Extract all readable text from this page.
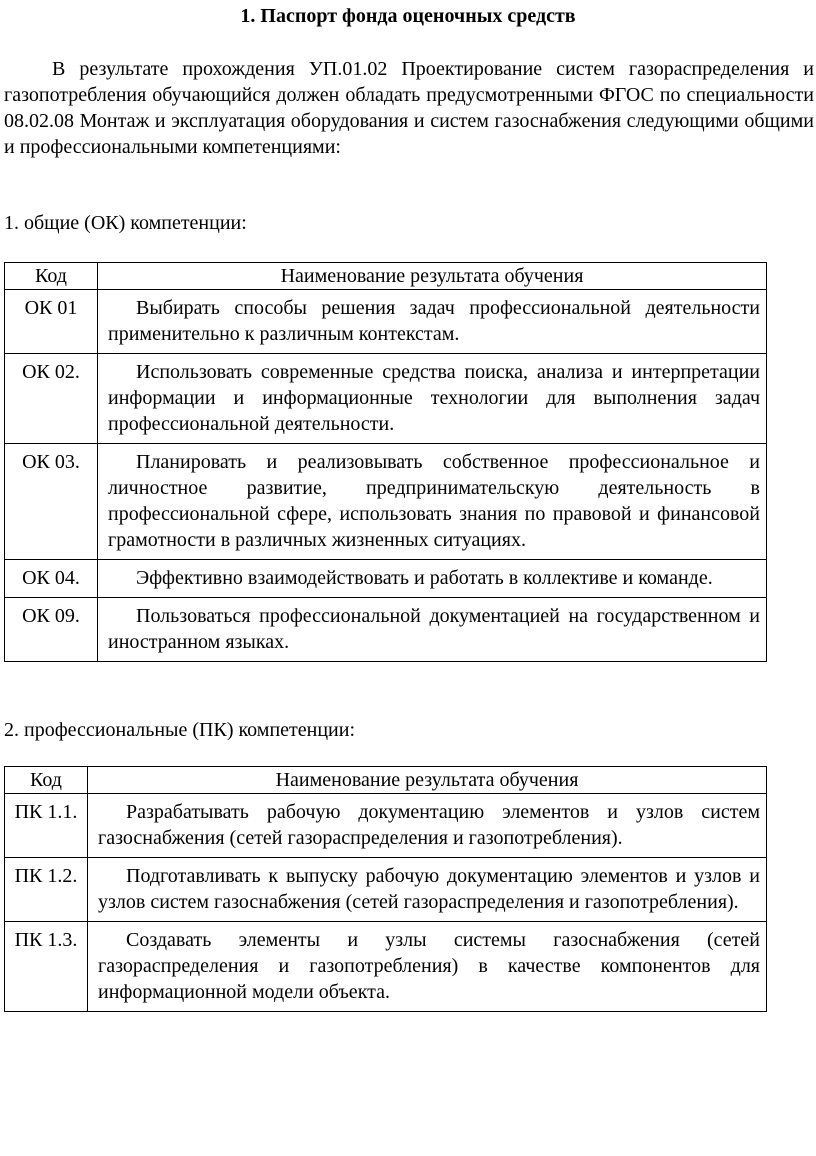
1. Паспорт фонда оценочных средств

В результате прохождения УП.01.02 Проектирование систем газораспределения и газопотребления обучающийся должен обладать предусмотренными ФГОС по специальности 08.02.08 Монтаж и эксплуатация оборудования и систем газоснабжения следующими общими и профессиональными компетенциями:

1. общие (ОК) компетенции:

Код	Наименование результата обучения
ОК 01	Выбирать способы решения задач профессиональной деятельности применительно к различным контекстам.
ОК 02.	Использовать современные средства поиска, анализа и интерпретации информации и информационные технологии для выполнения задач профессиональной деятельности.
ОК 03.	Планировать и реализовывать собственное профессиональное и личностное развитие, предпринимательскую деятельность в профессиональной сфере, использовать знания по правовой и финансовой грамотности в различных жизненных ситуациях.
ОК 04.	Эффективно взаимодействовать и работать в коллективе и команде.
ОК 09.	Пользоваться профессиональной документацией на государственном и иностранном языках.

2. профессиональные (ПК) компетенции:

Код	Наименование результата обучения
ПК 1.1.	Разрабатывать рабочую документацию элементов и узлов систем газоснабжения (сетей газораспределения и газопотребления).
ПК 1.2.	Подготавливать к выпуску рабочую документацию элементов и узлов и узлов систем газоснабжения (сетей газораспределения и газопотребления).
ПК 1.3.	Создавать элементы и узлы системы газоснабжения (сетей газораспределения и газопотребления) в качестве компонентов для информационной модели объекта.
